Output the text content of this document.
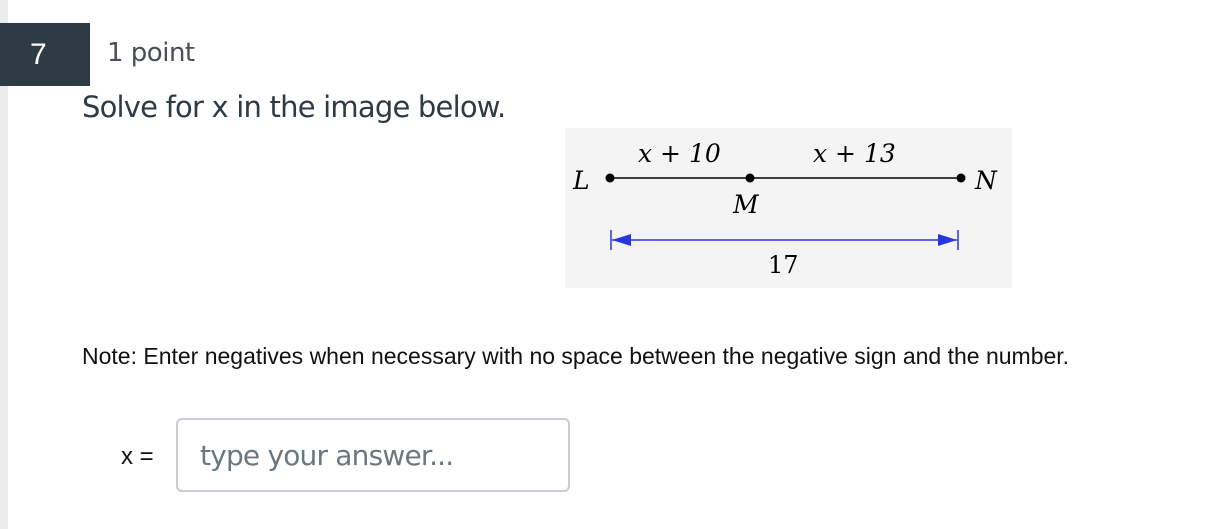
7	1 point
Solve for x in the image below.
x + 10	x + 13
L
M
N
17
Note: Enter negatives when necessary with no space between the negative sign and the number.
x =
type your answer...
